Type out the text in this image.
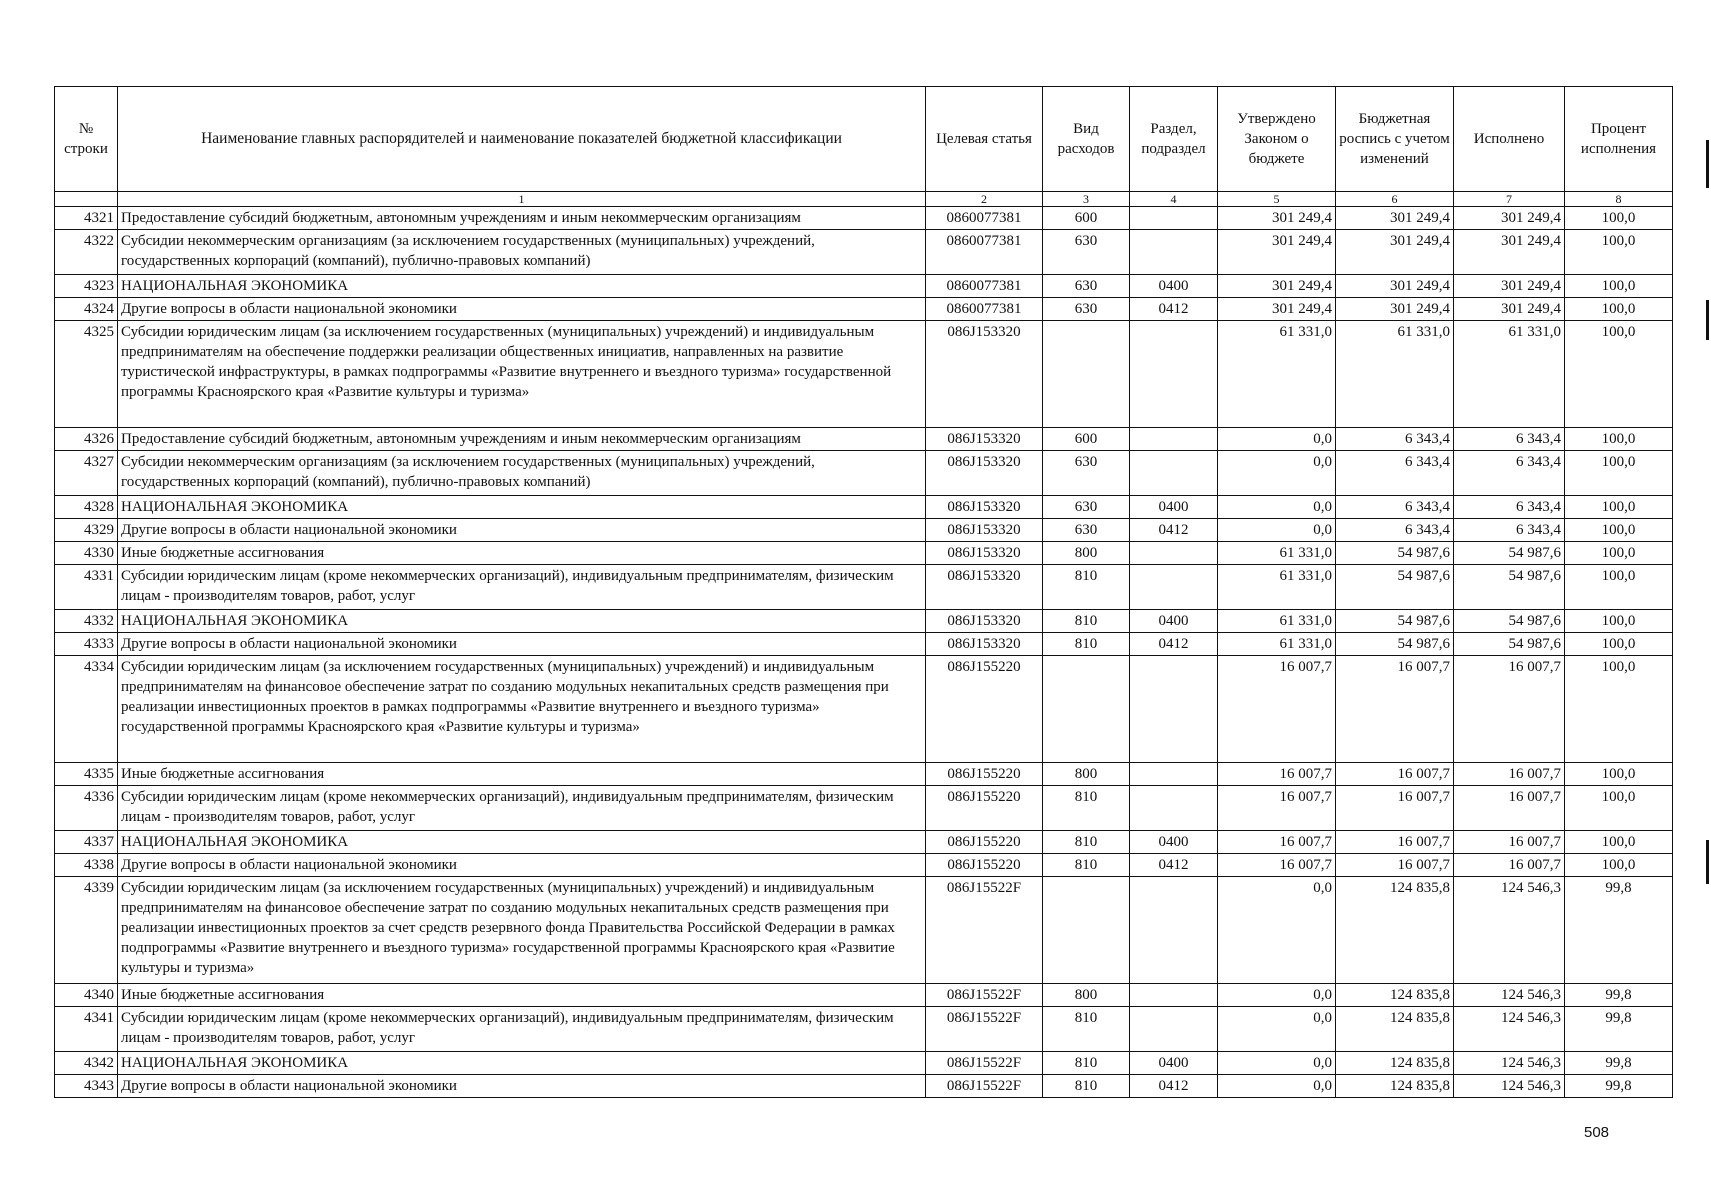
№ строки	Наименование главных распорядителей и наименование показателей бюджетной классификации	Целевая статья	Вид расходов	Раздел, подраздел	Утверждено Законом о бюджете	Бюджетная роспись с учетом изменений	Исполнено	Процент исполнения
	1	2	3	4	5	6	7	8
4321	Предоставление субсидий бюджетным, автономным учреждениям и иным некоммерческим организациям	0860077381	600		301 249,4	301 249,4	301 249,4	100,0
4322	Субсидии некоммерческим организациям (за исключением государственных (муниципальных) учреждений, государственных корпораций (компаний), публично-правовых компаний)	0860077381	630		301 249,4	301 249,4	301 249,4	100,0
4323	НАЦИОНАЛЬНАЯ ЭКОНОМИКА	0860077381	630	0400	301 249,4	301 249,4	301 249,4	100,0
4324	Другие вопросы в области национальной экономики	0860077381	630	0412	301 249,4	301 249,4	301 249,4	100,0
4325	Субсидии юридическим лицам (за исключением государственных (муниципальных) учреждений) и индивидуальным предпринимателям на обеспечение поддержки реализации общественных инициатив, направленных на развитие туристической инфраструктуры, в рамках подпрограммы «Развитие внутреннего и въездного туризма» государственной программы Красноярского края «Развитие культуры и туризма»	086J153320			61 331,0	61 331,0	61 331,0	100,0
4326	Предоставление субсидий бюджетным, автономным учреждениям и иным некоммерческим организациям	086J153320	600		0,0	6 343,4	6 343,4	100,0
4327	Субсидии некоммерческим организациям (за исключением государственных (муниципальных) учреждений, государственных корпораций (компаний), публично-правовых компаний)	086J153320	630		0,0	6 343,4	6 343,4	100,0
4328	НАЦИОНАЛЬНАЯ ЭКОНОМИКА	086J153320	630	0400	0,0	6 343,4	6 343,4	100,0
4329	Другие вопросы в области национальной экономики	086J153320	630	0412	0,0	6 343,4	6 343,4	100,0
4330	Иные бюджетные ассигнования	086J153320	800		61 331,0	54 987,6	54 987,6	100,0
4331	Субсидии юридическим лицам (кроме некоммерческих организаций), индивидуальным предпринимателям, физическим лицам - производителям товаров, работ, услуг	086J153320	810		61 331,0	54 987,6	54 987,6	100,0
4332	НАЦИОНАЛЬНАЯ ЭКОНОМИКА	086J153320	810	0400	61 331,0	54 987,6	54 987,6	100,0
4333	Другие вопросы в области национальной экономики	086J153320	810	0412	61 331,0	54 987,6	54 987,6	100,0
4334	Субсидии юридическим лицам (за исключением государственных (муниципальных) учреждений) и индивидуальным предпринимателям на финансовое обеспечение затрат по созданию модульных некапитальных средств размещения при реализации инвестиционных проектов в рамках подпрограммы «Развитие внутреннего и въездного туризма» государственной программы Красноярского края «Развитие культуры и туризма»	086J155220			16 007,7	16 007,7	16 007,7	100,0
4335	Иные бюджетные ассигнования	086J155220	800		16 007,7	16 007,7	16 007,7	100,0
4336	Субсидии юридическим лицам (кроме некоммерческих организаций), индивидуальным предпринимателям, физическим лицам - производителям товаров, работ, услуг	086J155220	810		16 007,7	16 007,7	16 007,7	100,0
4337	НАЦИОНАЛЬНАЯ ЭКОНОМИКА	086J155220	810	0400	16 007,7	16 007,7	16 007,7	100,0
4338	Другие вопросы в области национальной экономики	086J155220	810	0412	16 007,7	16 007,7	16 007,7	100,0
4339	Субсидии юридическим лицам (за исключением государственных (муниципальных) учреждений) и индивидуальным предпринимателям на финансовое обеспечение затрат по созданию модульных некапитальных средств размещения при реализации инвестиционных проектов за счет средств резервного фонда Правительства Российской Федерации в рамках подпрограммы «Развитие внутреннего и въездного туризма» государственной программы Красноярского края «Развитие культуры и туризма»	086J15522F			0,0	124 835,8	124 546,3	99,8
4340	Иные бюджетные ассигнования	086J15522F	800		0,0	124 835,8	124 546,3	99,8
4341	Субсидии юридическим лицам (кроме некоммерческих организаций), индивидуальным предпринимателям, физическим лицам - производителям товаров, работ, услуг	086J15522F	810		0,0	124 835,8	124 546,3	99,8
4342	НАЦИОНАЛЬНАЯ ЭКОНОМИКА	086J15522F	810	0400	0,0	124 835,8	124 546,3	99,8
4343	Другие вопросы в области национальной экономики	086J15522F	810	0412	0,0	124 835,8	124 546,3	99,8
508
